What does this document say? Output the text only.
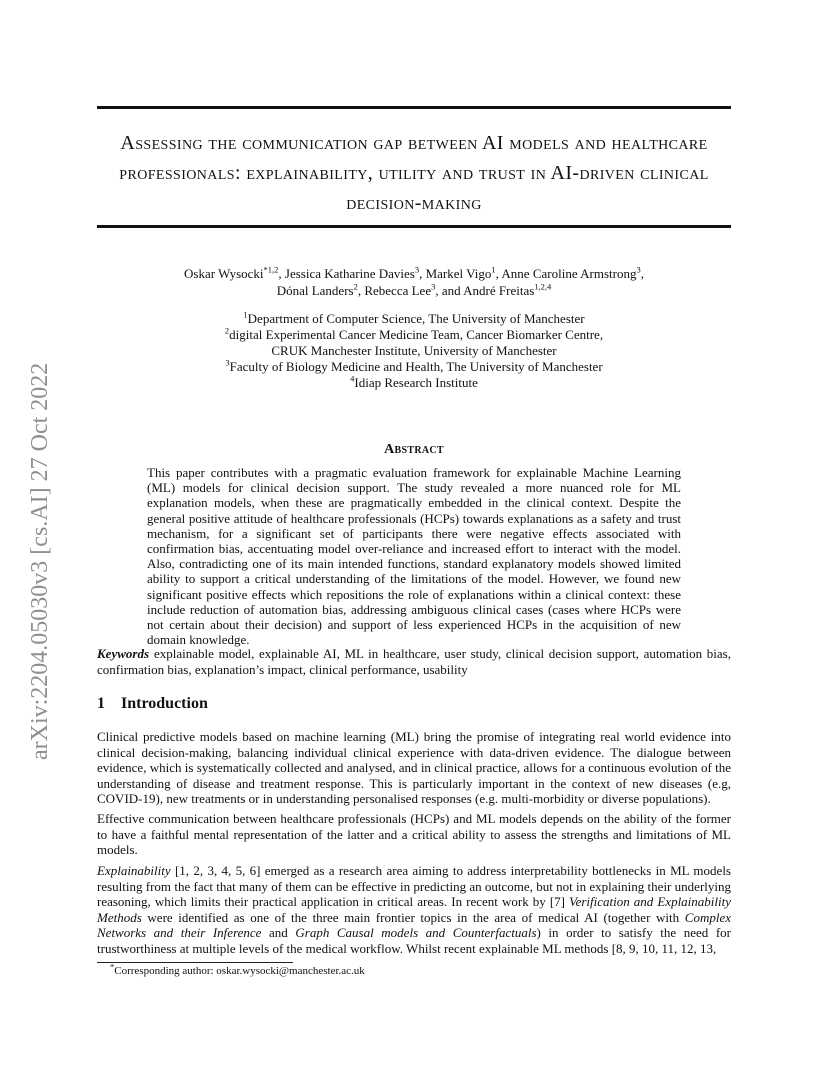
arXiv:2204.05030v3 [cs.AI] 27 Oct 2022
Assessing the communication gap between AI models and healthcare professionals: explainability, utility and trust in AI-driven clinical decision-making
Oskar Wysocki$^{*1,2}$, Jessica Katharine Davies$^3$, Markel Vigo$^1$, Anne Caroline Armstrong$^3$,
Dónal Landers$^2$, Rebecca Lee$^3$, and André Freitas$^{1,2,4}$
$^1$Department of Computer Science, The University of Manchester
$^2$digital Experimental Cancer Medicine Team, Cancer Biomarker Centre,
CRUK Manchester Institute, University of Manchester
$^3$Faculty of Biology Medicine and Health, The University of Manchester
$^4$Idiap Research Institute
Abstract

This paper contributes with a pragmatic evaluation framework for explainable Machine Learning (ML) models for clinical decision support. The study revealed a more nuanced role for ML explanation models, when these are pragmatically embedded in the clinical context. Despite the general positive attitude of healthcare professionals (HCPs) towards explanations as a safety and trust mechanism, for a significant set of participants there were negative effects associated with confirmation bias, accentuating model over-reliance and increased effort to interact with the model. Also, contradicting one of its main intended functions, standard explanatory models showed limited ability to support a critical understanding of the limitations of the model. However, we found new significant positive effects which repositions the role of explanations within a clinical context: these include reduction of automation bias, addressing ambiguous clinical cases (cases where HCPs were not certain about their decision) and support of less experienced HCPs in the acquisition of new domain knowledge.

Keywords explainable model, explainable AI, ML in healthcare, user study, clinical decision support, automation bias, confirmation bias, explanation’s impact, clinical performance, usability

1 Introduction

Clinical predictive models based on machine learning (ML) bring the promise of integrating real world evidence into clinical decision-making, balancing individual clinical experience with data-driven evidence. The dialogue between evidence, which is systematically collected and analysed, and in clinical practice, allows for a continuous evolution of the understanding of disease and treatment response. This is particularly important in the context of new diseases (e.g, COVID-19), new treatments or in understanding personalised responses (e.g. multi-morbidity or diverse populations).

Effective communication between healthcare professionals (HCPs) and ML models depends on the ability of the former to have a faithful mental representation of the latter and a critical ability to assess the strengths and limitations of ML models.

Explainability [1, 2, 3, 4, 5, 6] emerged as a research area aiming to address interpretability bottlenecks in ML models resulting from the fact that many of them can be effective in predicting an outcome, but not in explaining their underlying reasoning, which limits their practical application in critical areas. In recent work by [7] Verification and Explainability Methods were identified as one of the three main frontier topics in the area of medical AI (together with Complex Networks and their Inference and Graph Causal models and Counterfactuals) in order to satisfy the need for trustworthiness at multiple levels of the medical workflow. Whilst recent explainable ML methods [8, 9, 10, 11, 12, 13,

*Corresponding author: oskar.wysocki@manchester.ac.uk
